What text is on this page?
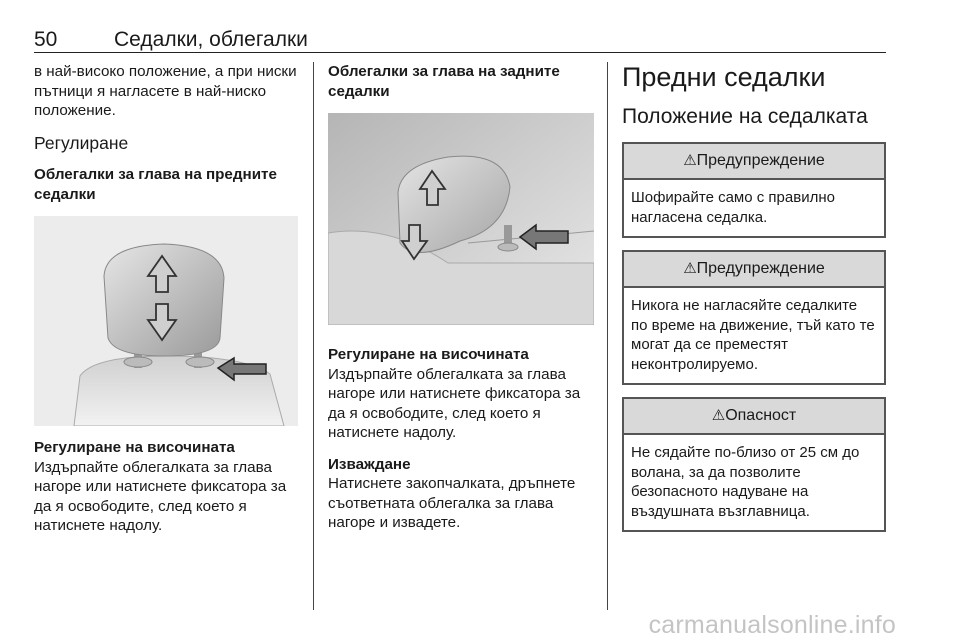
50	Седалки, облегалки

в най-високо положение, а при ниски пътници я нагласете в най-ниско положение.

Регулиране

Облегалки за глава на предните седалки

Регулиране на височината

Издърпайте облегалката за глава нагоре или натиснете фиксатора за да я освободите, след което я натиснете надолу.

Облегалки за глава на задните седалки

Регулиране на височината

Издърпайте облегалката за глава нагоре или натиснете фиксатора за да я освободите, след което я натиснете надолу.

Изваждане

Натиснете закопчалката, дръпнете съответната облегалка за глава нагоре и извадете.

Предни седалки

Положение на седалката

⚠Предупреждение
Шофирайте само с правилно нагласена седалка.
⚠Предупреждение
Никога не нагласяйте седалките по време на движение, тъй като те могат да се преместят неконтролируемо.
⚠Опасност
Не сядайте по-близо от 25 см до волана, за да позволите безопасното надуване на въздушната възглавница.
carmanualsonline.info
